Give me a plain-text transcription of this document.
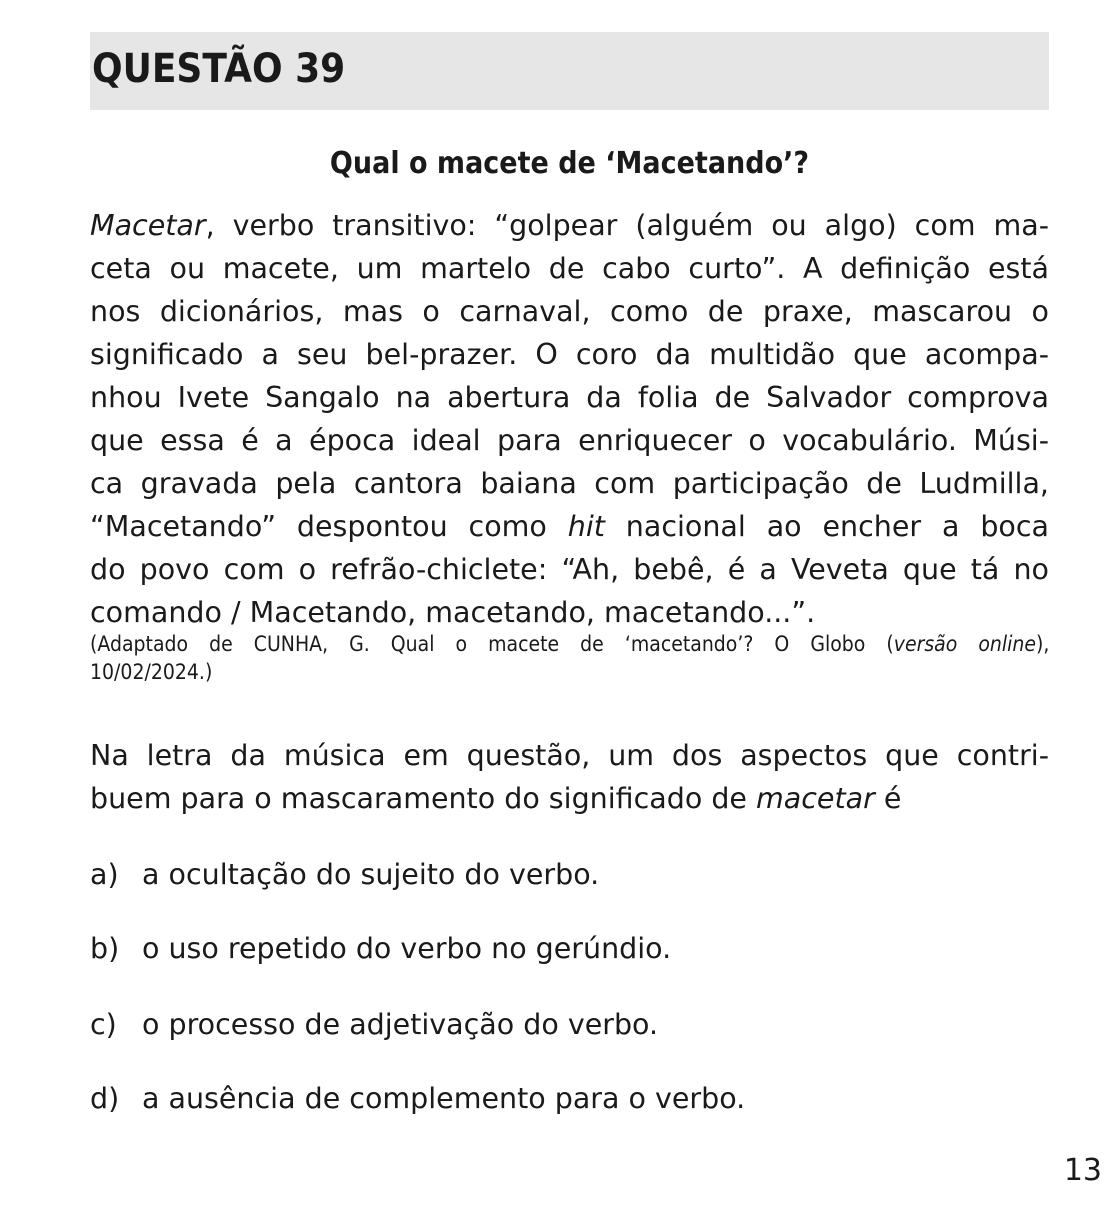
QUESTÃO 39
Qual o macete de ‘Macetando’?
Macetar, verbo transitivo: “golpear (alguém ou algo) com ma-
ceta ou macete, um martelo de cabo curto”. A definição está
nos dicionários, mas o carnaval, como de praxe, mascarou o
significado a seu bel-prazer. O coro da multidão que acompa-
nhou Ivete Sangalo na abertura da folia de Salvador comprova
que essa é a época ideal para enriquecer o vocabulário. Músi-
ca gravada pela cantora baiana com participação de Ludmilla,
“Macetando” despontou como hit nacional ao encher a boca
do povo com o refrão-chiclete: “Ah, bebê, é a Veveta que tá no
comando / Macetando, macetando, macetando...”.
(Adaptado de CUNHA, G. Qual o macete de ‘macetando’? O Globo (versão online),
10/02/2024.)
Na letra da música em questão, um dos aspectos que contri-
buem para o mascaramento do significado de macetar é
a) a ocultação do sujeito do verbo.
b) o uso repetido do verbo no gerúndio.
c) o processo de adjetivação do verbo.
d) a ausência de complemento para o verbo.
13
